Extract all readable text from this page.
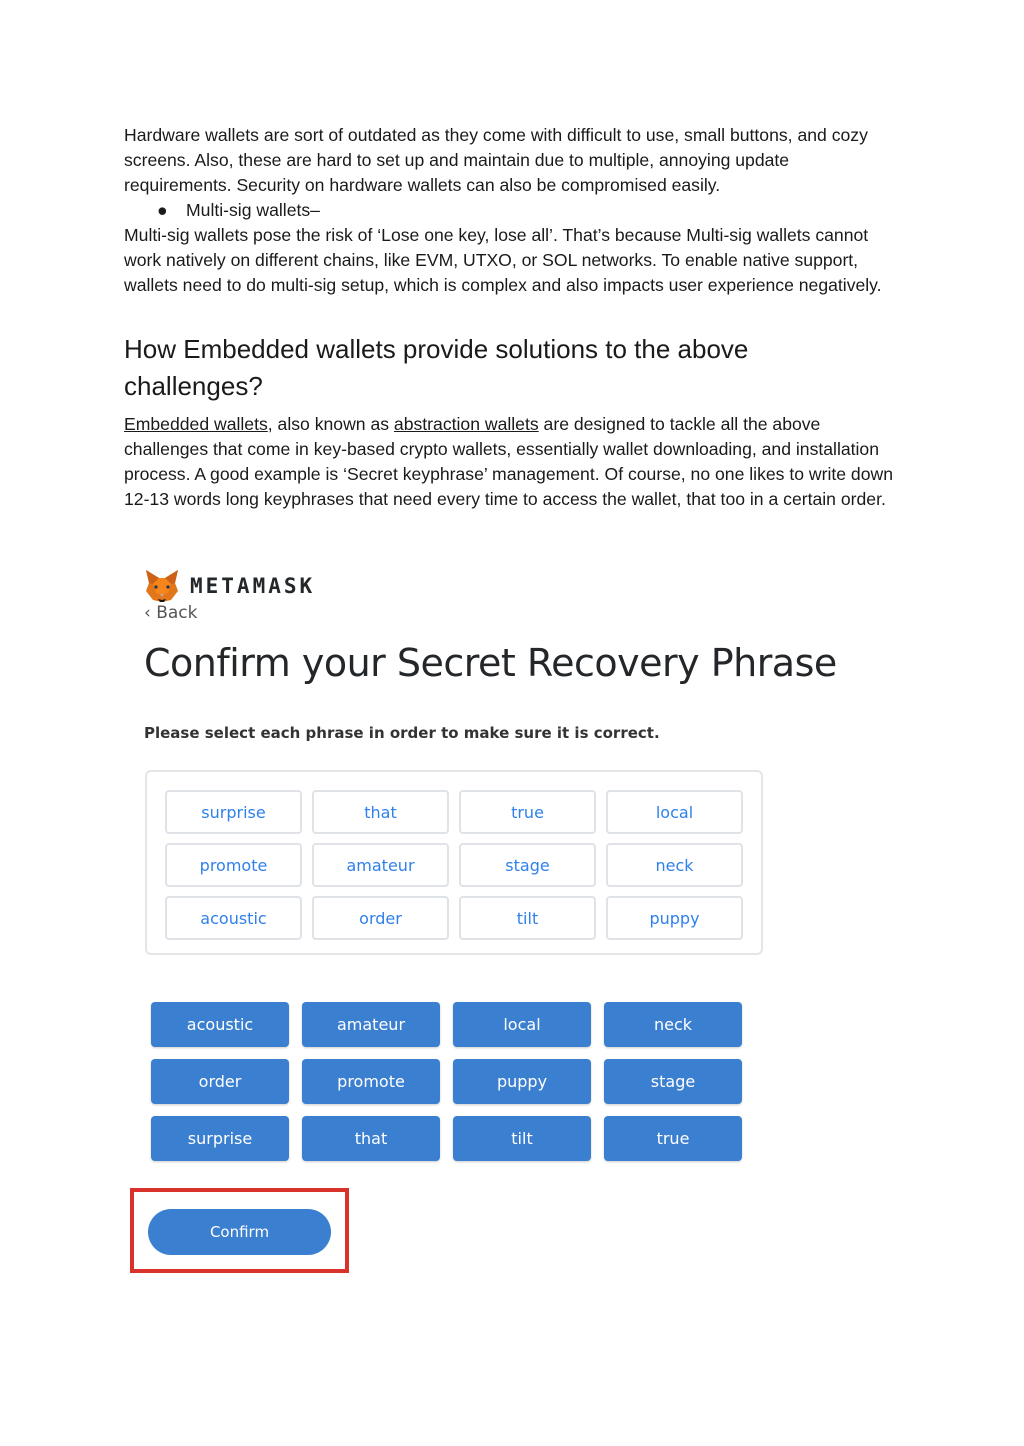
Hardware wallets are sort of outdated as they come with difficult to use, small buttons, and cozy screens. Also, these are hard to set up and maintain due to multiple, annoying update requirements. Security on hardware wallets can also be compromised easily.

● Multi-sig wallets–

Multi-sig wallets pose the risk of ‘Lose one key, lose all’. That’s because Multi-sig wallets cannot work natively on different chains, like EVM, UTXO, or SOL networks. To enable native support, wallets need to do multi-sig setup, which is complex and also impacts user experience negatively.

How Embedded wallets provide solutions to the above challenges?

Embedded wallets, also known as abstraction wallets are designed to tackle all the above challenges that come in key-based crypto wallets, essentially wallet downloading, and installation process. A good example is ‘Secret keyphrase’ management. Of course, no one likes to write down 12-13 words long keyphrases that need every time to access the wallet, that too in a certain order.

METAMASK
‹ Back
Confirm your Secret Recovery Phrase
Please select each phrase in order to make sure it is correct.
surprise	that	true	local
promote	amateur	stage	neck
acoustic	order	tilt	puppy
acoustic	amateur	local	neck
order	promote	puppy	stage
surprise	that	tilt	true
Confirm
